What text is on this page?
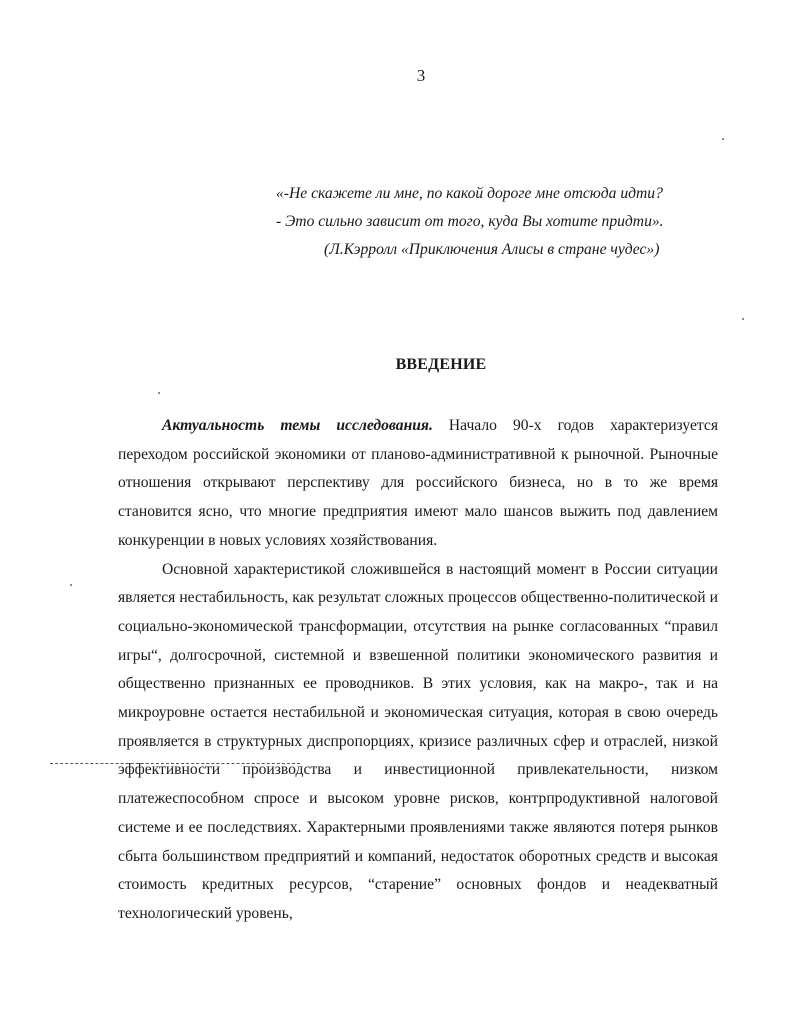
3
«-Не скажете ли мне, по какой дороге мне отсюда идти?
- Это сильно зависит от того, куда Вы хотите придти».
(Л.Кэрролл «Приключения Алисы в стране чудес»)
ВВЕДЕНИЕ

Актуальность темы исследования. Начало 90-х годов характеризуется переходом российской экономики от планово-административной к рыночной. Рыночные отношения открывают перспективу для российского бизнеса, но в то же время становится ясно, что многие предприятия имеют мало шансов выжить под давлением конкуренции в новых условиях хозяйствования.

Основной характеристикой сложившейся в настоящий момент в России ситуации является нестабильность, как результат сложных процессов общественно-политической и социально-экономической трансформации, отсутствия на рынке согласованных “правил игры“, долгосрочной, системной и взвешенной политики экономического развития и общественно признанных ее проводников. В этих условия, как на макро-, так и на микроуровне остается нестабильной и экономическая ситуация, которая в свою очередь проявляется в структурных диспропорциях, кризисе различных сфер и отраслей, низкой эффективности производства и инвестиционной привлекательности, низком платежеспособном спросе и высоком уровне рисков, контрпродуктивной налоговой системе и ее последствиях. Характерными проявлениями также являются потеря рынков сбыта большинством предприятий и компаний, недостаток оборотных средств и высокая стоимость кредитных ресурсов, “старение” основных фондов и неадекватный технологический уровень,
